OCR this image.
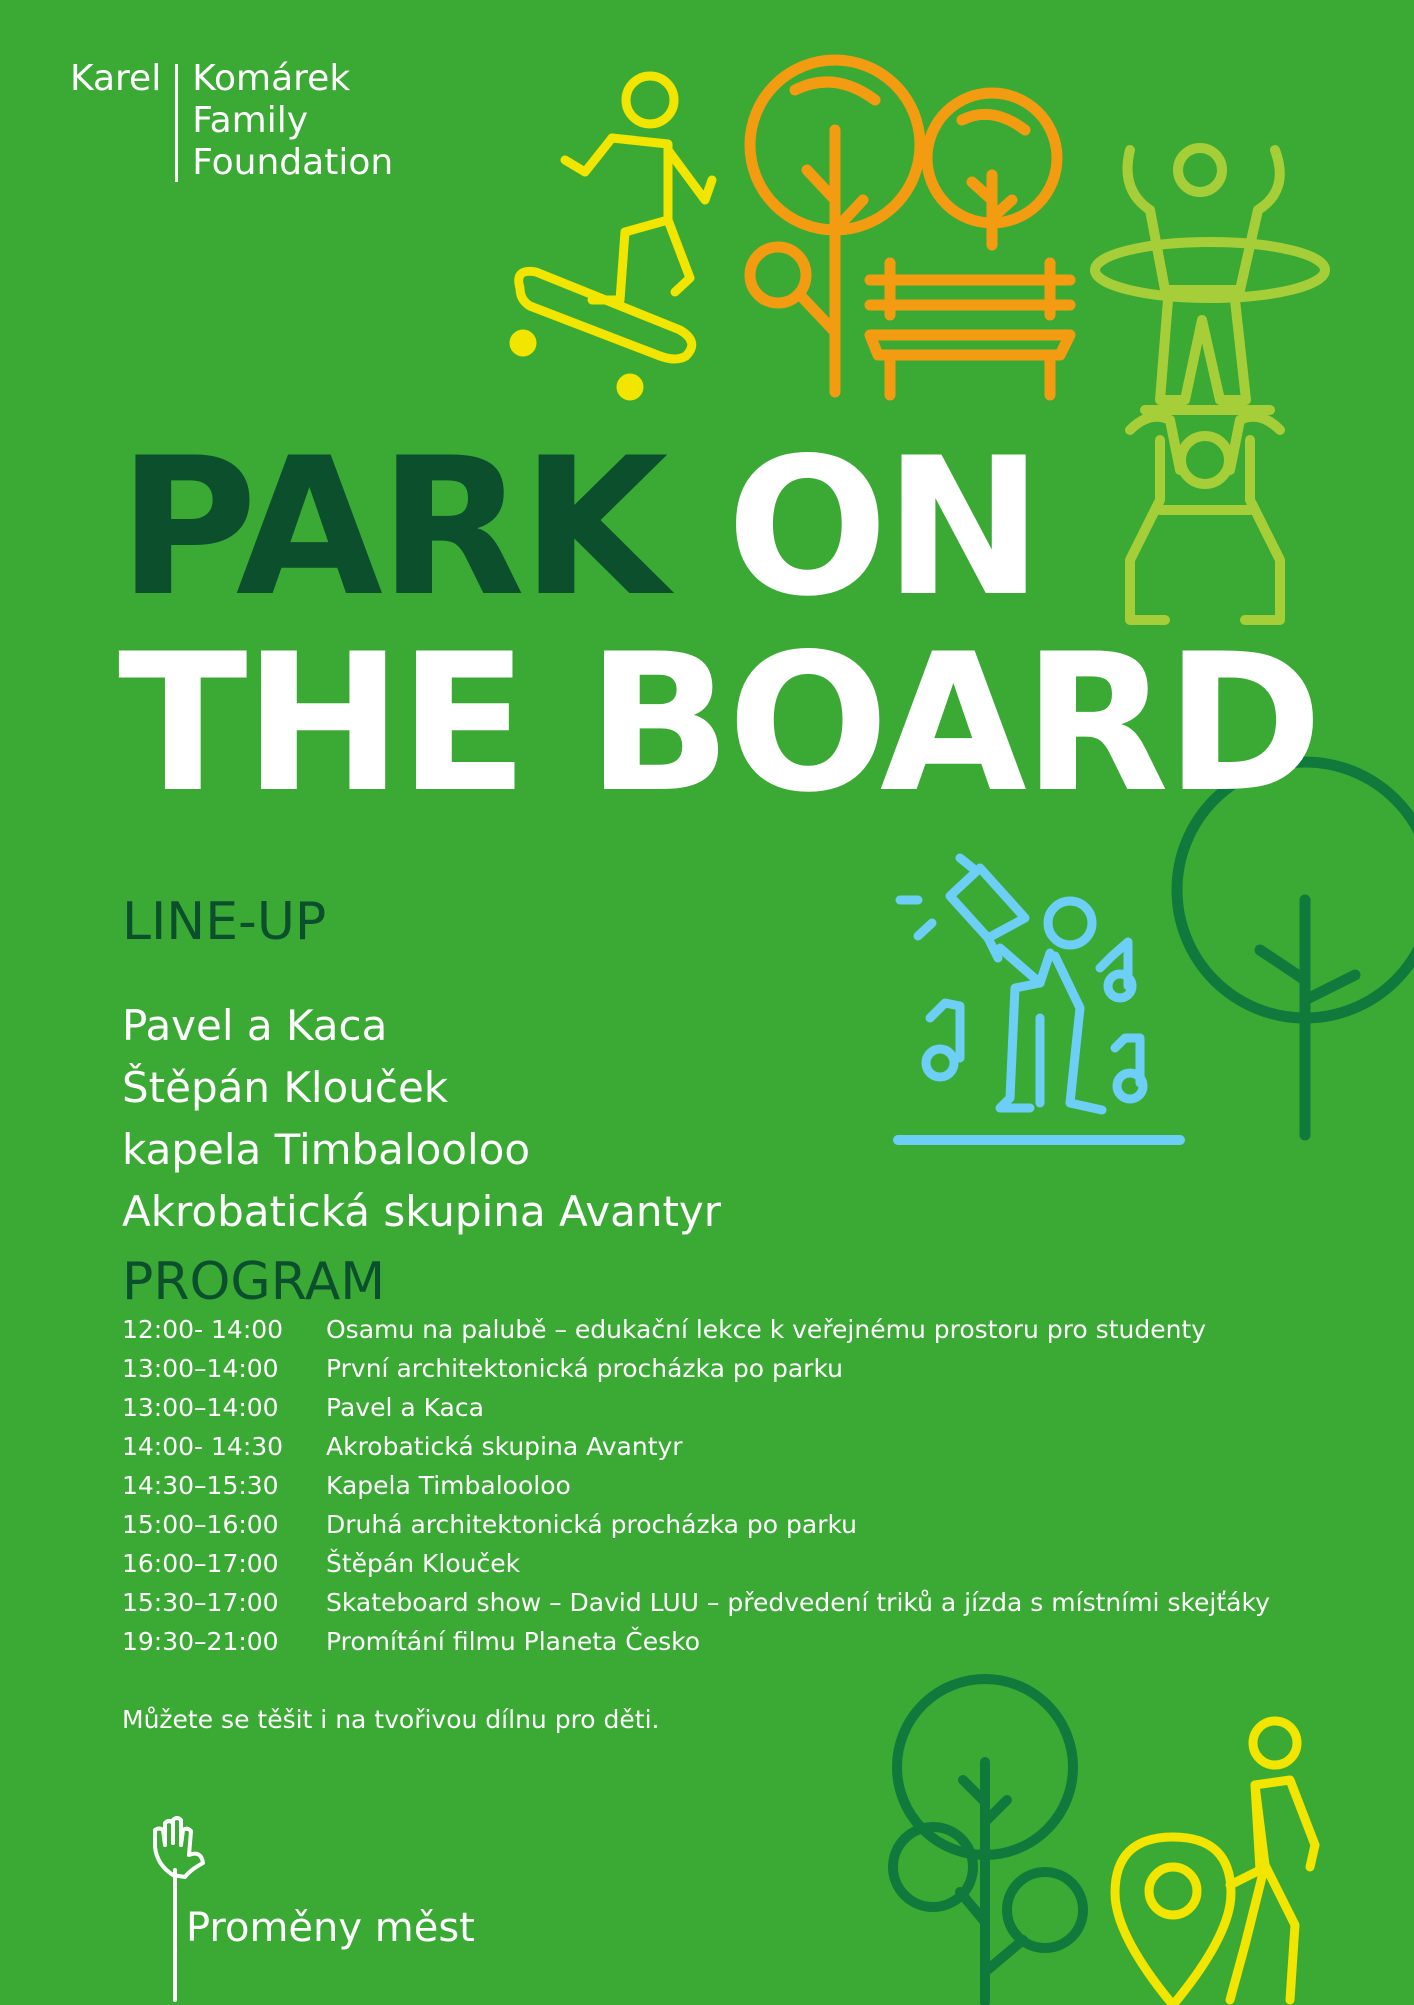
Karel Komárek
Family
Foundation
PARK ON
THE BOARD
LINE-UP
Pavel a Kaca
Štěpán Klouček
kapela Timbalooloo
Akrobatická skupina Avantyr
PROGRAM
12:00- 14:00	Osamu na palubě – edukační lekce k veřejnému prostoru pro studenty
13:00–14:00	První architektonická procházka po parku
13:00–14:00	Pavel a Kaca
14:00- 14:30	Akrobatická skupina Avantyr
14:30–15:30	Kapela Timbalooloo
15:00–16:00	Druhá architektonická procházka po parku
16:00–17:00	Štěpán Klouček
15:30–17:00	Skateboard show – David LUU – předvedení triků a jízda s místními skejťáky
19:30–21:00	Promítání filmu Planeta Česko
Můžete se těšit i na tvořivou dílnu pro děti.
Proměny měst
